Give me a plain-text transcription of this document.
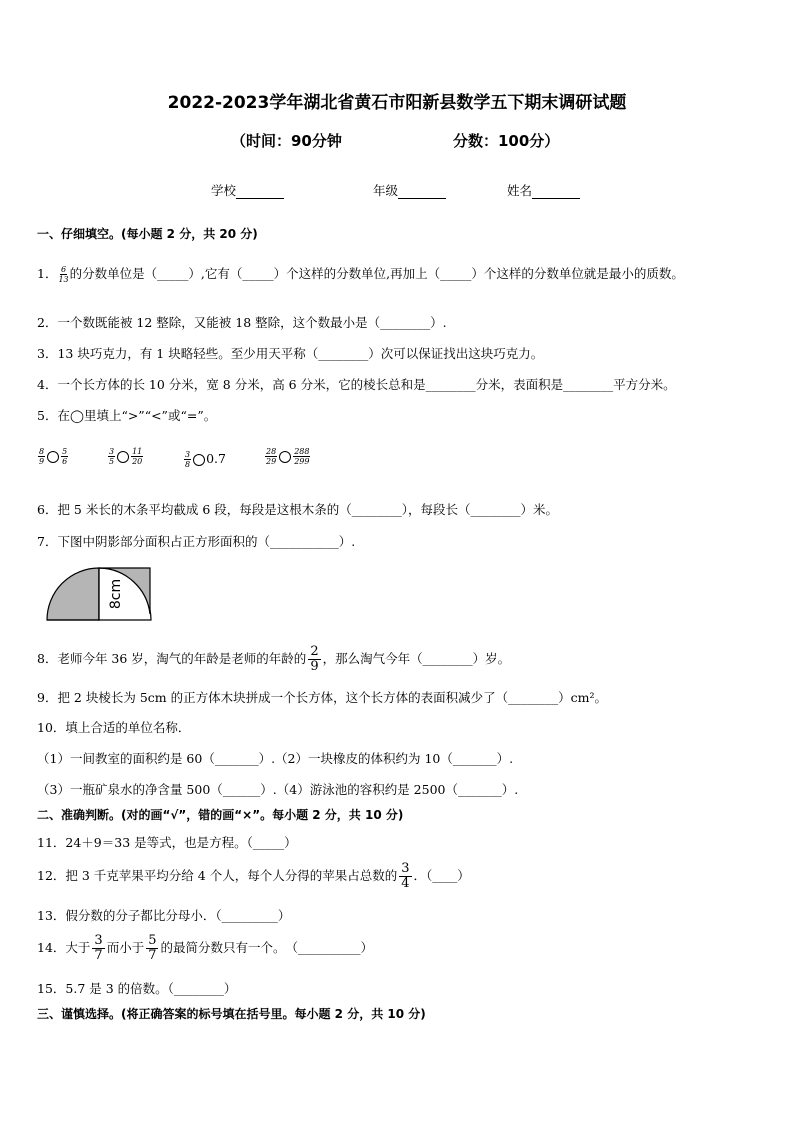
2022-2023学年湖北省黄石市阳新县数学五下期末调研试题
（时间：90分钟	分数：100分）
学校	年级	姓名
一、仔细填空。(每小题 2 分，共 20 分)
1． $\frac{6}{13}$ 的分数单位是（_____）,它有（_____）个这样的分数单位,再加上（_____）个这样的分数单位就是最小的质数。
2．一个数既能被 12 整除，又能被 18 整除，这个数最小是（________）.
3．13 块巧克力，有 1 块略轻些。至少用天平称（________）次可以保证找出这块巧克力。
4．一个长方体的长 10 分米，宽 8 分米，高 6 分米，它的棱长总和是________分米，表面积是________平方分米。
5．在◯里填上“>”“<”或“=”。
$\frac{8}{9} \frac{5}{6}$	$\frac{3}{5} \frac{11}{20}$	$\frac{3}{8} 0.7$	$\frac{28}{29} \frac{288}{299}$
6．把 5 米长的木条平均截成 6 段，每段是这根木条的（________），每段长（________）米。
7．下图中阴影部分面积占正方形面积的（___________）.
8cm
8．老师今年 36 岁，淘气的年龄是老师的年龄的 $\frac{2}{9}$ ，那么淘气今年（________）岁。
9．把 2 块棱长为 5cm 的正方体木块拼成一个长方体，这个长方体的表面积减少了（________）cm²。
10．填上合适的单位名称．
（1）一间教室的面积约是 60（_______）.（2）一块橡皮的体积约为 10（_______）.
（3）一瓶矿泉水的净含量 500（______）.（4）游泳池的容积约是 2500（_______）.
二、准确判断。(对的画“√”，错的画“×”。每小题 2 分，共 10 分)
11．24＋9＝33 是等式，也是方程。（_____）
12．把 3 千克苹果平均分给 4 个人，每个人分得的苹果占总数的 $\frac{3}{4}$ ．（____）
13．假分数的分子都比分母小．（_________）
14．大于 $\frac{3}{7}$ 而小于 $\frac{5}{7}$ 的最简分数只有一个。　（__________）
15．5.7 是 3 的倍数。（________）
三、谨慎选择。(将正确答案的标号填在括号里。每小题 2 分，共 10 分)
